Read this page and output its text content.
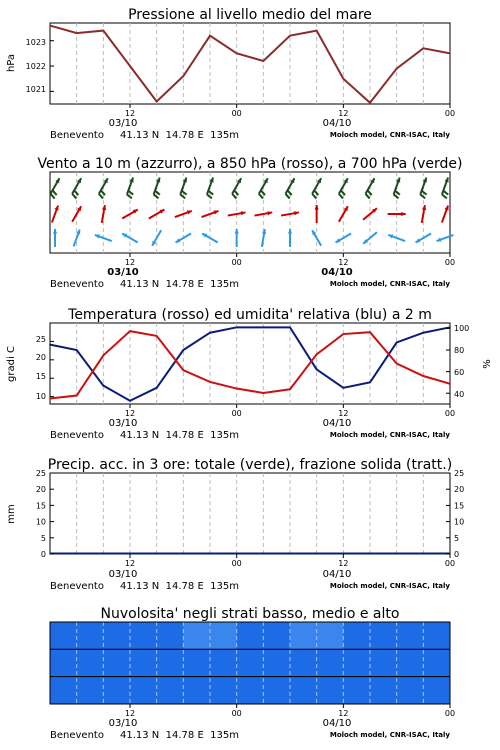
Pressione al livello medio del mare
1023
1022
1021
hPa
12	00	12	00
03/10	04/10
Benevento 41.13 N  14.78 E  135m	Moloch model, CNR-ISAC, Italy
Vento a 10 m (azzurro), a 850 hPa (rosso), a 700 hPa (verde)
12	00	12	00
03/10	04/10
Benevento 41.13 N  14.78 E  135m	Moloch model, CNR-ISAC, Italy
Temperatura (rosso) ed umidita' relativa (blu) a 2 m
25
20
15
10
100
80
60
40
gradi C	%
12	00	12	00
03/10	04/10
Benevento 41.13 N  14.78 E  135m	Moloch model, CNR-ISAC, Italy
Precip. acc. in 3 ore: totale (verde), frazione solida (tratt.)
0	0
5	5
10	10
15	15
20	20
25	25
mm
12	00	12	00
03/10	04/10
Benevento 41.13 N  14.78 E  135m	Moloch model, CNR-ISAC, Italy
Nuvolosita' negli strati basso, medio e alto
12	00	12	00
03/10	04/10
Benevento 41.13 N  14.78 E  135m	Moloch model, CNR-ISAC, Italy
